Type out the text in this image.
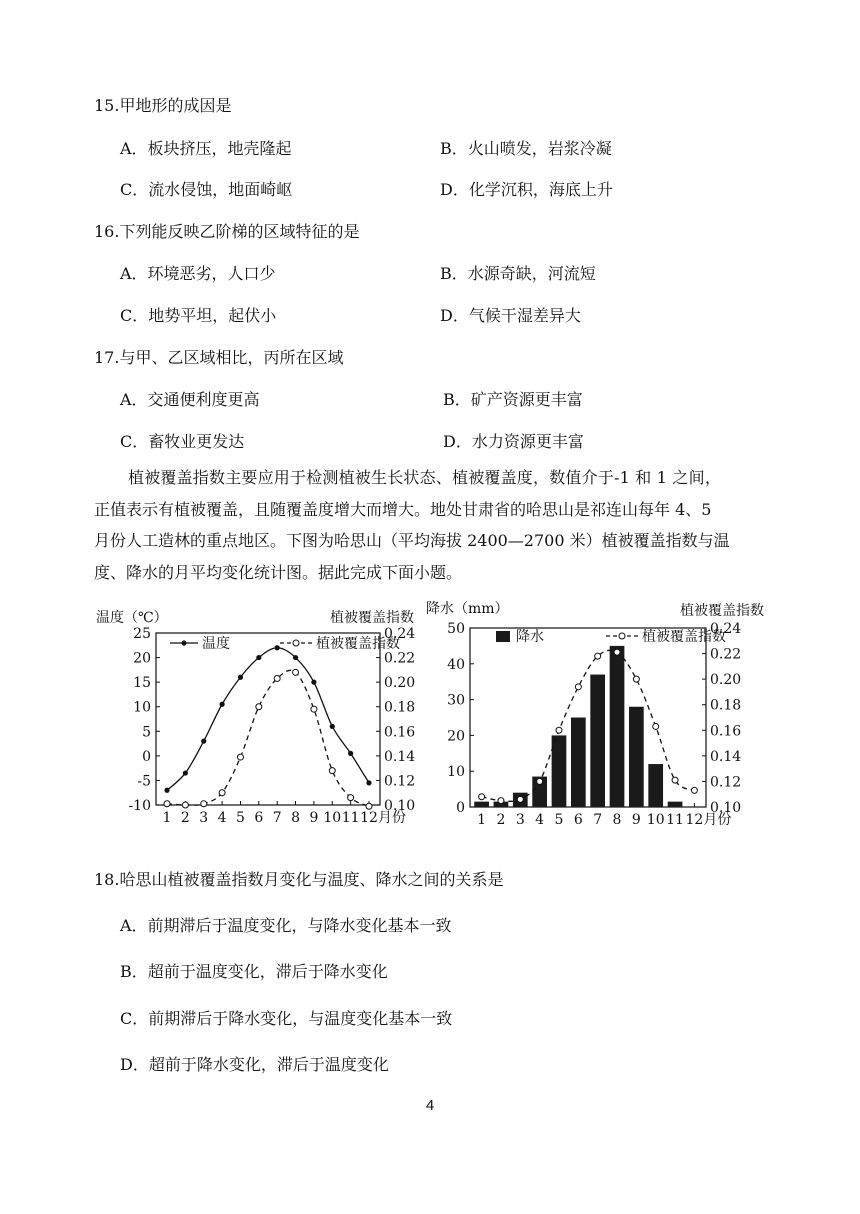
15.甲地形的成因是
A．板块挤压，地壳隆起	B．火山喷发，岩浆冷凝
C．流水侵蚀，地面崎岖	D．化学沉积，海底上升
16.下列能反映乙阶梯的区域特征的是
A．环境恶劣，人口少	B．水源奇缺，河流短
C．地势平坦，起伏小	D．气候干湿差异大
17.与甲、乙区域相比，丙所在区域
A．交通便利度更高	B．矿产资源更丰富
C．畜牧业更发达	D．水力资源更丰富

植被覆盖指数主要应用于检测植被生长状态、植被覆盖度，数值介于-1 和 1 之间，

正值表示有植被覆盖，且随覆盖度增大而增大。地处甘肃省的哈思山是祁连山每年 4、5
月份人工造林的重点地区。下图为哈思山（平均海拔 2400—2700 米）植被覆盖指数与温
度、降水的月平均变化统计图。据此完成下面小题。
温度（℃）	植被覆盖指数
25
20
15
10
5
0
-5
-10
0.24
0.22
0.20
0.18
0.16
0.14
0.12
0.10
1 2 3 4 5 6 7 8 9 10 11 12 月份
温度	植被覆盖指数
降水（mm）	植被覆盖指数
50
40
30
20
10
0
0.24
0.22
0.20
0.18
0.16
0.14
0.12
0.10
1 2 3 4 5 6 7 8 9 10 11 12 月份
降水	植被覆盖指数
18.哈思山植被覆盖指数月变化与温度、降水之间的关系是
A．前期滞后于温度变化，与降水变化基本一致
B．超前于温度变化，滞后于降水变化
C．前期滞后于降水变化，与温度变化基本一致
D．超前于降水变化，滞后于温度变化
4
